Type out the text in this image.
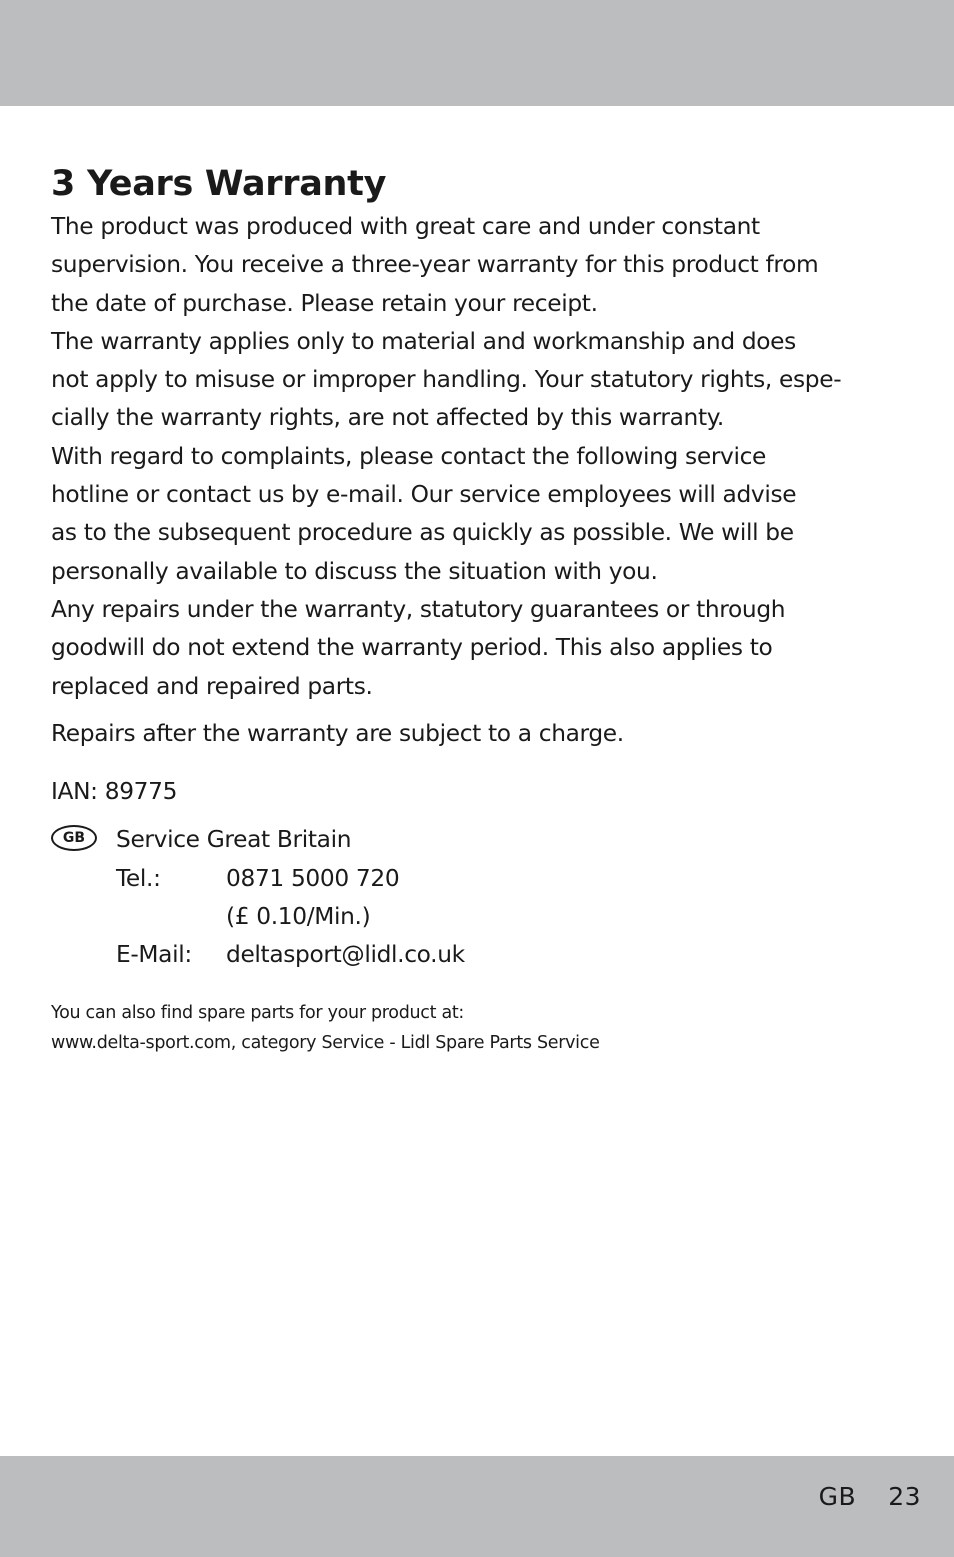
3 Years Warranty

The product was produced with great care and under constant
supervision. You receive a three-year warranty for this product from
the date of purchase. Please retain your receipt.

The warranty applies only to material and workmanship and does
not apply to misuse or improper handling. Your statutory rights, espe-
cially the warranty rights, are not affected by this warranty.

With regard to complaints, please contact the following service
hotline or contact us by e-mail. Our service employees will advise
as to the subsequent procedure as quickly as possible. We will be
personally available to discuss the situation with you.

Any repairs under the warranty, statutory guarantees or through
goodwill do not extend the warranty period. This also applies to
replaced and repaired parts.

Repairs after the warranty are subject to a charge.

IAN: 89775

GB	Service Great Britain
Tel.:	0871 5000 720
(£ 0.10/Min.)
E-Mail:	deltasport@lidl.co.uk
You can also find spare parts for your product at:
www.delta-sport.com, category Service - Lidl Spare Parts Service
GB 23
